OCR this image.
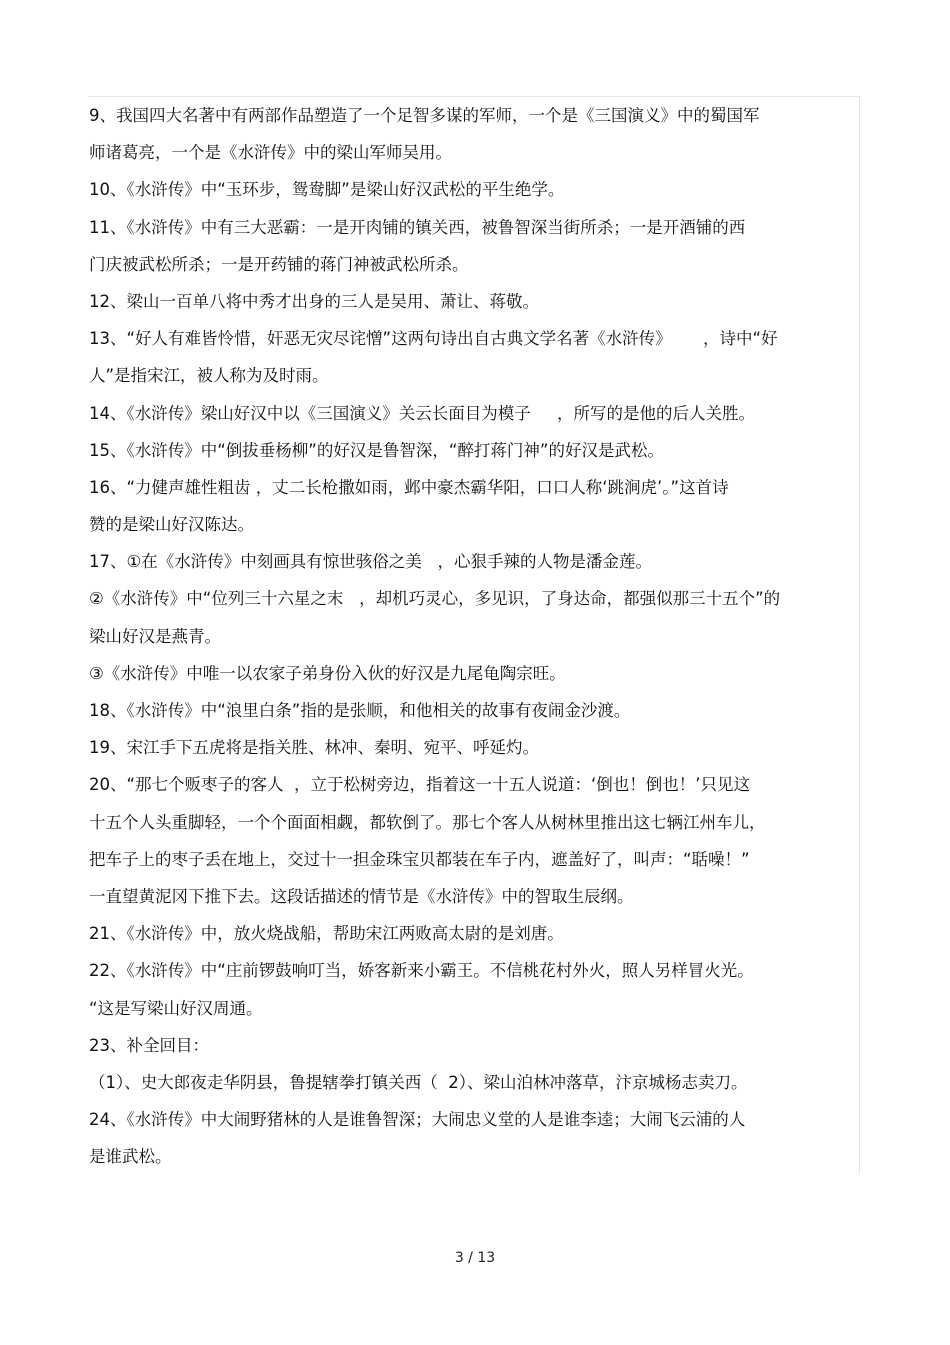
9、我国四大名著中有两部作品塑造了一个足智多谋的军师，一个是《三国演义》中的蜀国军
师诸葛亮，一个是《水浒传》中的梁山军师吴用。
10、《水浒传》中“玉环步，鸳鸯脚”是梁山好汉武松的平生绝学。
11、《水浒传》中有三大恶霸：一是开肉铺的镇关西，被鲁智深当街所杀；一是开酒铺的西
门庆被武松所杀；一是开药铺的蒋门神被武松所杀。
12、梁山一百单八将中秀才出身的三人是吴用、萧让、蒋敬。
13、“好人有难皆怜惜，奸恶无灾尽诧憎”这两句诗出自古典文学名著《水浒传》      ，诗中“好
人”是指宋江，被人称为及时雨。
14、《水浒传》梁山好汉中以《三国演义》关云长面目为模子     ，所写的是他的后人关胜。
15、《水浒传》中“倒拔垂杨柳”的好汉是鲁智深，“醉打蒋门神”的好汉是武松。
16、“力健声雄性粗齿 ，丈二长枪撒如雨，邺中豪杰霸华阳，口口人称‘跳涧虎’。”这首诗
赞的是梁山好汉陈达。
17、①在《水浒传》中刻画具有惊世骇俗之美   ，心狠手辣的人物是潘金莲。
②《水浒传》中“位列三十六星之末   ，却机巧灵心，多见识，了身达命，都强似那三十五个”的
梁山好汉是燕青。
③《水浒传》中唯一以农家子弟身份入伙的好汉是九尾龟陶宗旺。
18、《水浒传》中“浪里白条”指的是张顺，和他相关的故事有夜闹金沙渡。
19、宋江手下五虎将是指关胜、林冲、秦明、宛平、呼延灼。
20、“那七个贩枣子的客人  ，立于松树旁边，指着这一十五人说道：‘倒也！倒也！’只见这
十五个人头重脚轻，一个个面面相觑，都软倒了。那七个客人从树林里推出这七辆江州车儿，
把车子上的枣子丢在地上，交过十一担金珠宝贝都装在车子内，遮盖好了，叫声：“聒噪！”
一直望黄泥冈下推下去。这段话描述的情节是《水浒传》中的智取生辰纲。
21、《水浒传》中，放火烧战船，帮助宋江两败高太尉的是刘唐。
22、《水浒传》中“庄前锣鼓响叮当，娇客新来小霸王。不信桃花村外火，照人另样冒火光。
“这是写梁山好汉周通。
23、补全回目：
（1）、史大郎夜走华阴县，鲁提辖拳打镇关西（  2）、梁山泊林冲落草，汴京城杨志卖刀。
24、《水浒传》中大闹野猪林的人是谁鲁智深；大闹忠义堂的人是谁李逵；大闹飞云浦的人
是谁武松。
3 / 13
